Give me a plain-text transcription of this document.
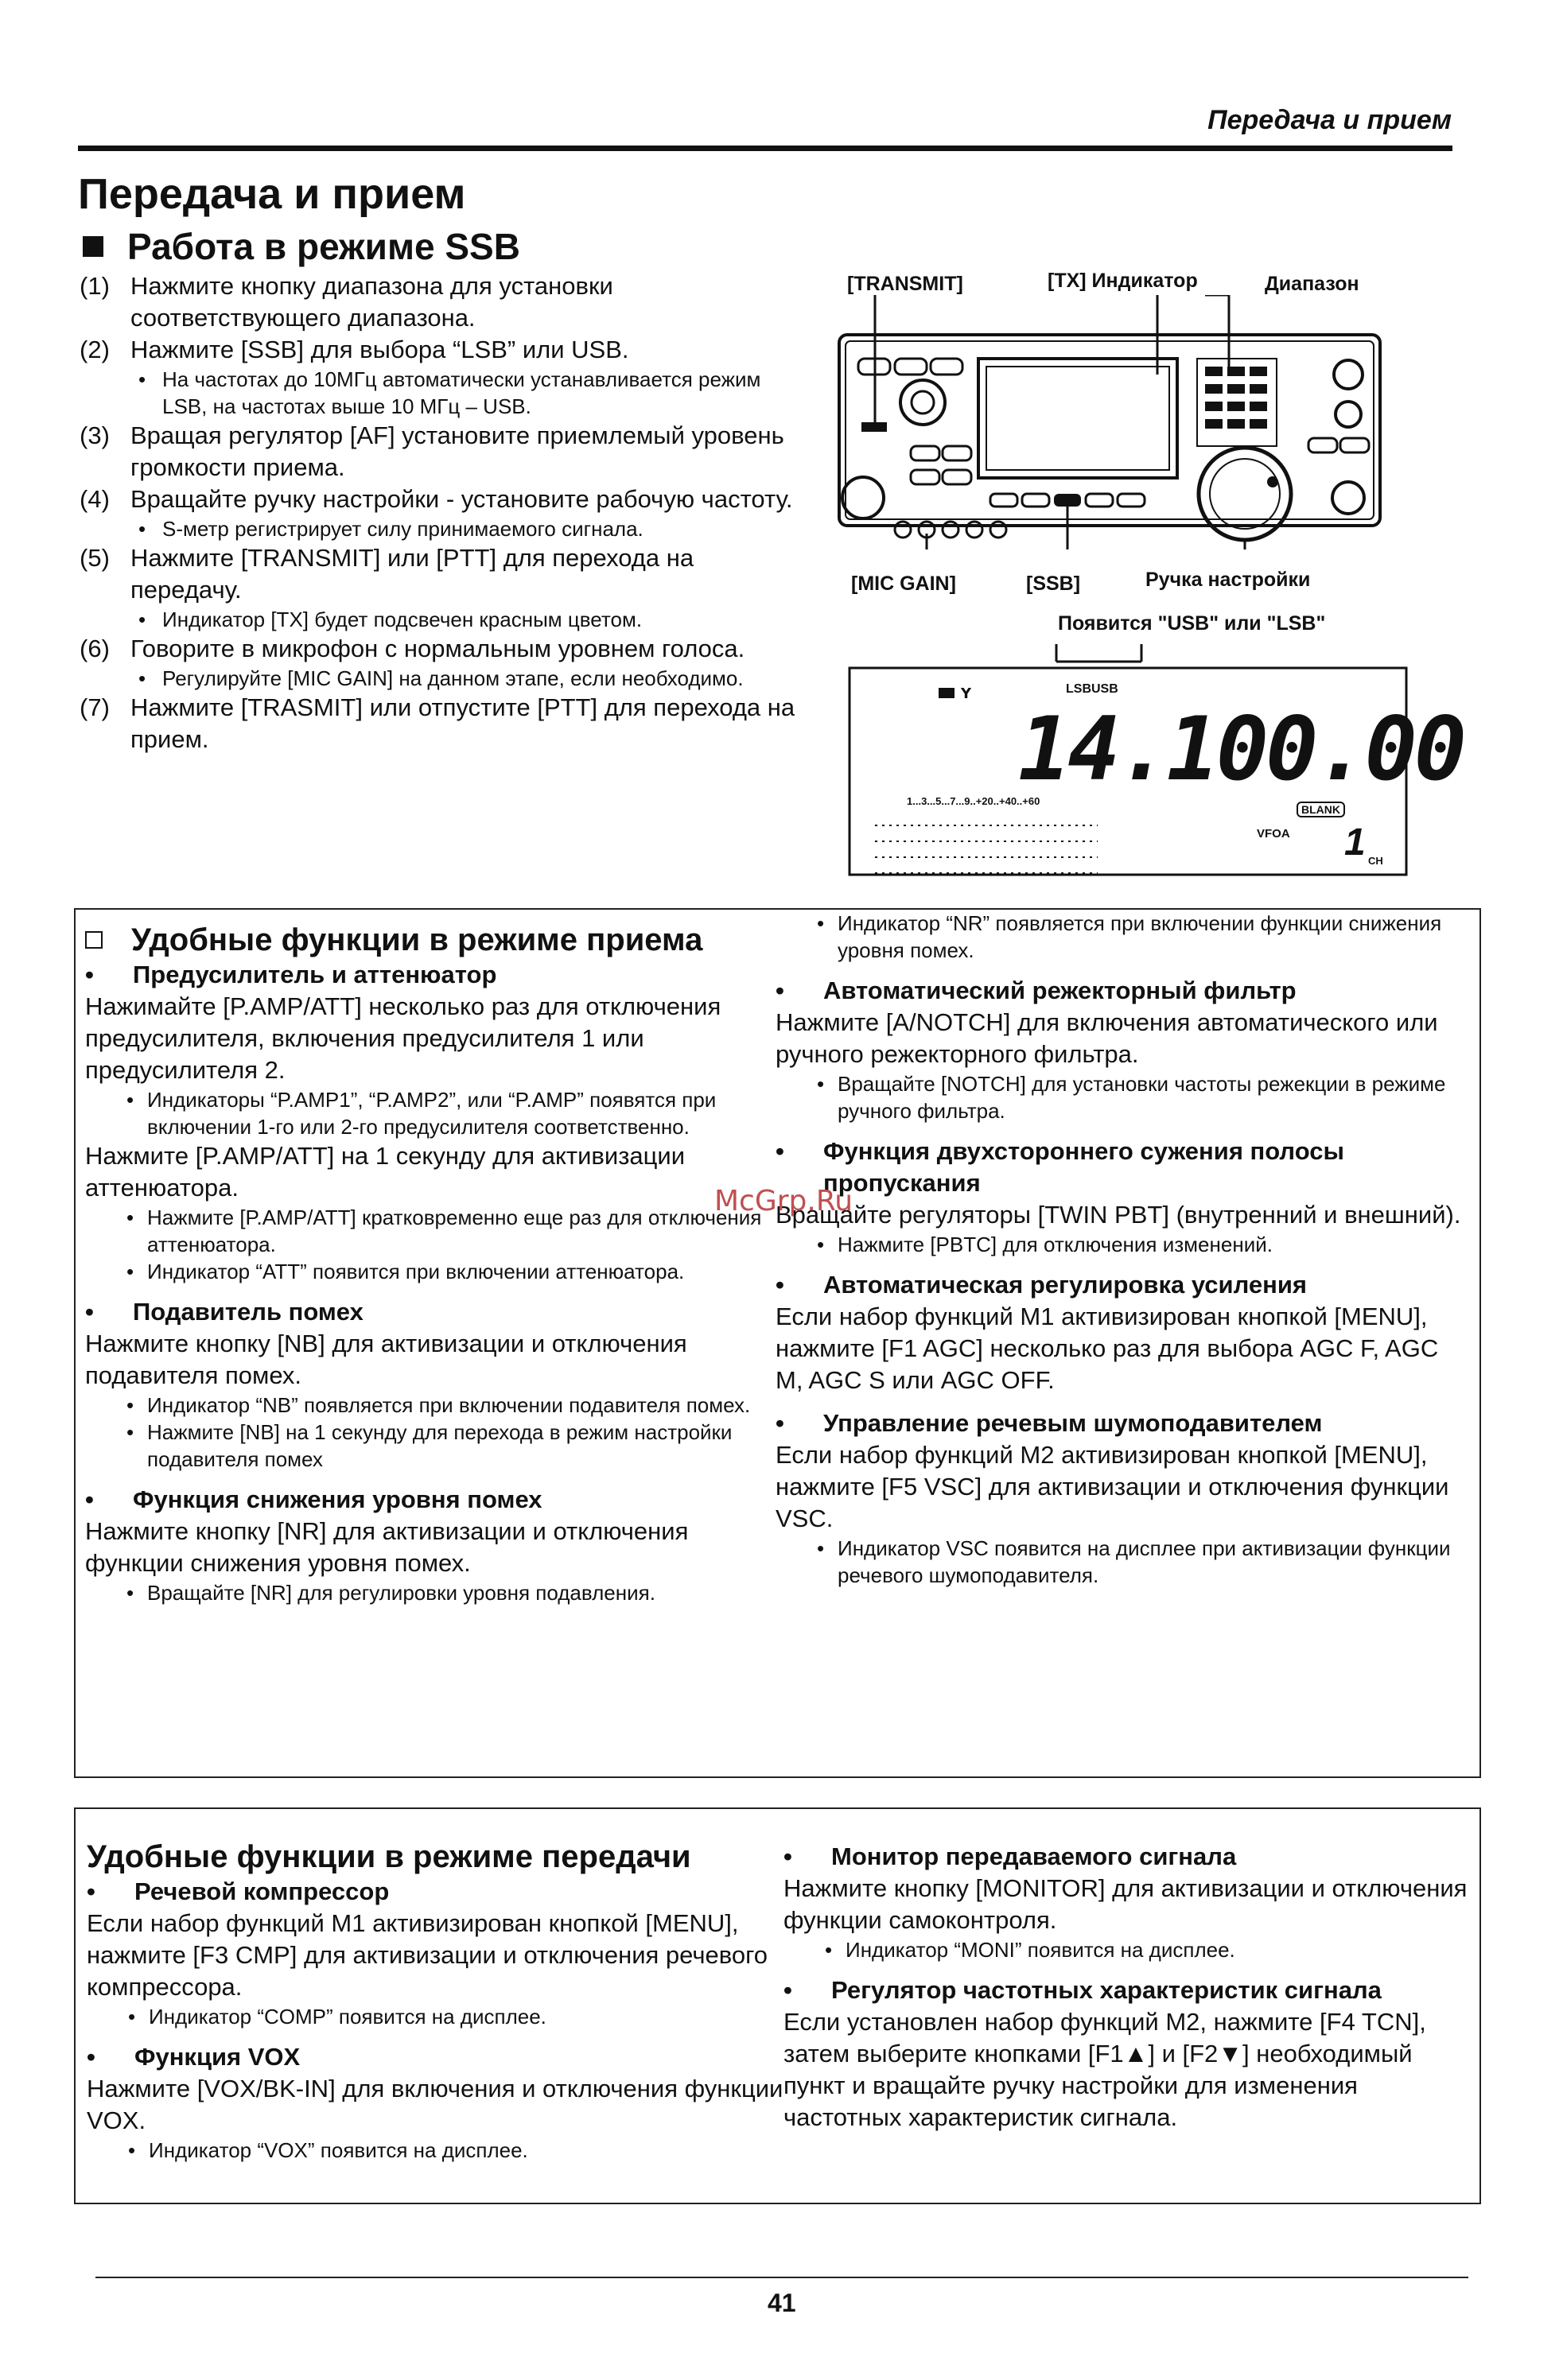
Передача и прием
Передача и прием
Работа в режиме SSB
(1) Нажмите кнопку диапазона для установки соответствующего диапазона.
(2) Нажмите [SSB] для выбора “LSB” или USB.
• На частотах до 10МГц автоматически устанавливается режим LSB, на частотах выше 10 МГц – USB.
(3) Вращая регулятор [AF] установите приемлемый уровень громкости приема.
(4) Вращайте ручку настройки - установите рабочую частоту.
• S-метр регистрирует силу принимаемого сигнала.
(5) Нажмите [TRANSMIT] или [PTT] для перехода на передачу.
• Индикатор [TX] будет подсвечен красным цветом.
(6) Говорите в микрофон с нормальным уровнем голоса.
• Регулируйте [MIC GAIN] на данном этапе, если необходимо.
(7) Нажмите [TRASMIT] или отпустите [PTT] для перехода на прием.
[TRANSMIT]	[TX] Индикатор	Диапазон
[MIC GAIN]	[SSB]	Ручка настройки
Появится "USB" или "LSB"
Y	LSBUSB
14.100.00
1...3...5...7...9..+20..+40..+60
BLANK
VFOA 1 CH
Удобные функции в режиме приема
•	Предусилитель и аттенюатор
Нажимайте [P.AMP/ATT] несколько раз для отключения предусилителя, включения предусилителя 1 или предусилителя 2.
• Индикаторы “P.AMP1”, “P.AMP2”, или “P.AMP” появятся при включении 1-го или 2-го предусилителя соответственно.
Нажмите [P.AMP/ATT] на 1 секунду для активизации аттенюатора.
• Нажмите [P.AMP/ATT] кратковременно еще раз для отключения аттенюатора.
• Индикатор “ATT” появится при включении аттенюатора.
•	Подавитель помех
Нажмите кнопку [NB] для активизации и отключения подавителя помех.
• Индикатор “NB” появляется при включении подавителя помех.
• Нажмите [NB] на 1 секунду для перехода в режим настройки подавителя помех
•	Функция снижения уровня помех
Нажмите кнопку [NR] для активизации и отключения функции снижения уровня помех.
• Вращайте [NR] для регулировки уровня подавления.
• Индикатор “NR” появляется при включении функции снижения уровня помех.
•	Автоматический режекторный фильтр
Нажмите [A/NOTCH] для включения автоматического или ручного режекторного фильтра.
• Вращайте [NOTCH] для установки частоты режекции в режиме ручного фильтра.
•	Функция двухстороннего сужения полосы пропускания
Вращайте регуляторы [TWIN PBT] (внутренний и внешний).
• Нажмите [PBTC] для отключения изменений.
•	Автоматическая регулировка усиления
Если набор функций M1 активизирован кнопкой [MENU], нажмите [F1 AGC] несколько раз для выбора AGC F, AGC M, AGC S или AGC OFF.
•	Управление речевым шумоподавителем
Если набор функций M2 активизирован кнопкой [MENU], нажмите [F5 VSC] для активизации и отключения функции VSC.
• Индикатор VSC появится на дисплее при активизации функции речевого шумоподавителя.
Удобные функции в режиме передачи
•	Речевой компрессор
Если набор функций M1 активизирован кнопкой [MENU], нажмите [F3 CMP] для активизации и отключения речевого компрессора.
• Индикатор “COMP” появится на дисплее.
•	Функция VOX
Нажмите [VOX/BK-IN] для включения и отключения функции VOX.
• Индикатор “VOX” появится на дисплее.
•	Монитор передаваемого сигнала
Нажмите кнопку [MONITOR] для активизации и отключения функции самоконтроля.
• Индикатор “MONI” появится на дисплее.
•	Регулятор частотных характеристик сигнала
Если установлен набор функций M2, нажмите [F4 TCN], затем выберите кнопками [F1▲] и [F2▼] необходимый пункт и вращайте ручку настройки для изменения частотных характеристик сигнала.
McGrp.Ru
41
